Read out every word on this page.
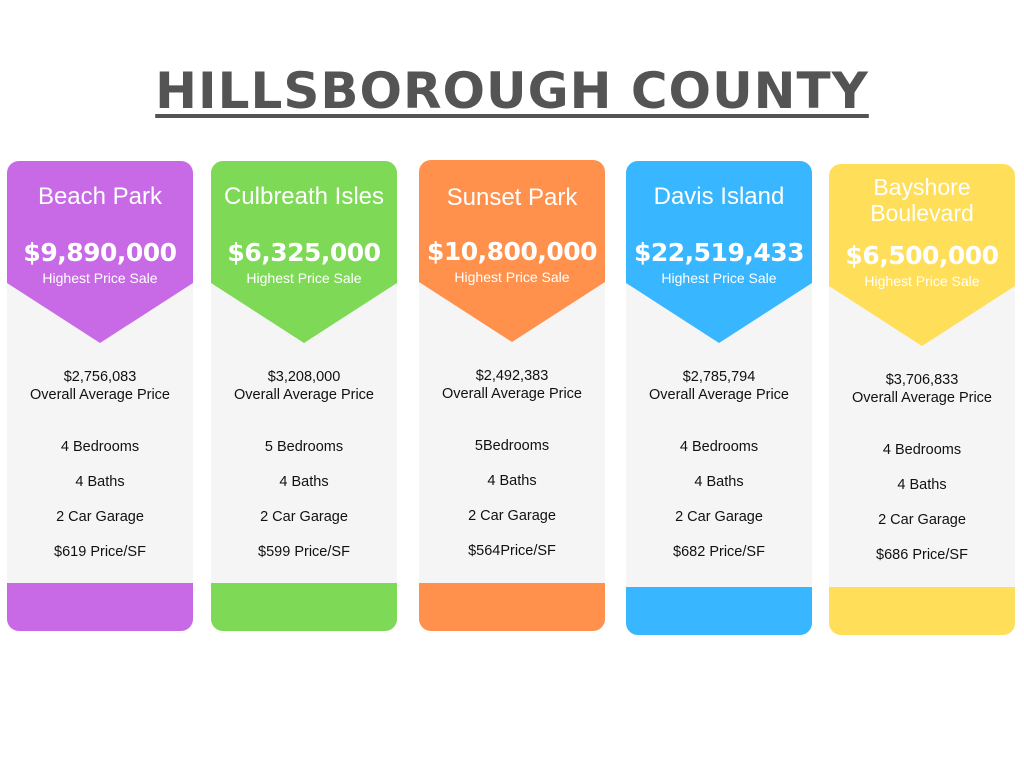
HILLSBOROUGH COUNTY
Beach Park
$9,890,000
Highest Price Sale
$2,756,083
Overall Average Price
4 Bedrooms
4 Baths
2 Car Garage
$619 Price/SF
Culbreath Isles
$6,325,000
Highest Price Sale
$3,208,000
Overall Average Price
5 Bedrooms
4 Baths
2 Car Garage
$599 Price/SF
Sunset Park
$10,800,000
Highest Price Sale
$2,492,383
Overall Average Price
5Bedrooms
4 Baths
2 Car Garage
$564Price/SF
Davis Island
$22,519,433
Highest Price Sale
$2,785,794
Overall Average Price
4 Bedrooms
4 Baths
2 Car Garage
$682 Price/SF
Bayshore Boulevard
$6,500,000
Highest Price Sale
$3,706,833
Overall Average Price
4 Bedrooms
4 Baths
2 Car Garage
$686 Price/SF
